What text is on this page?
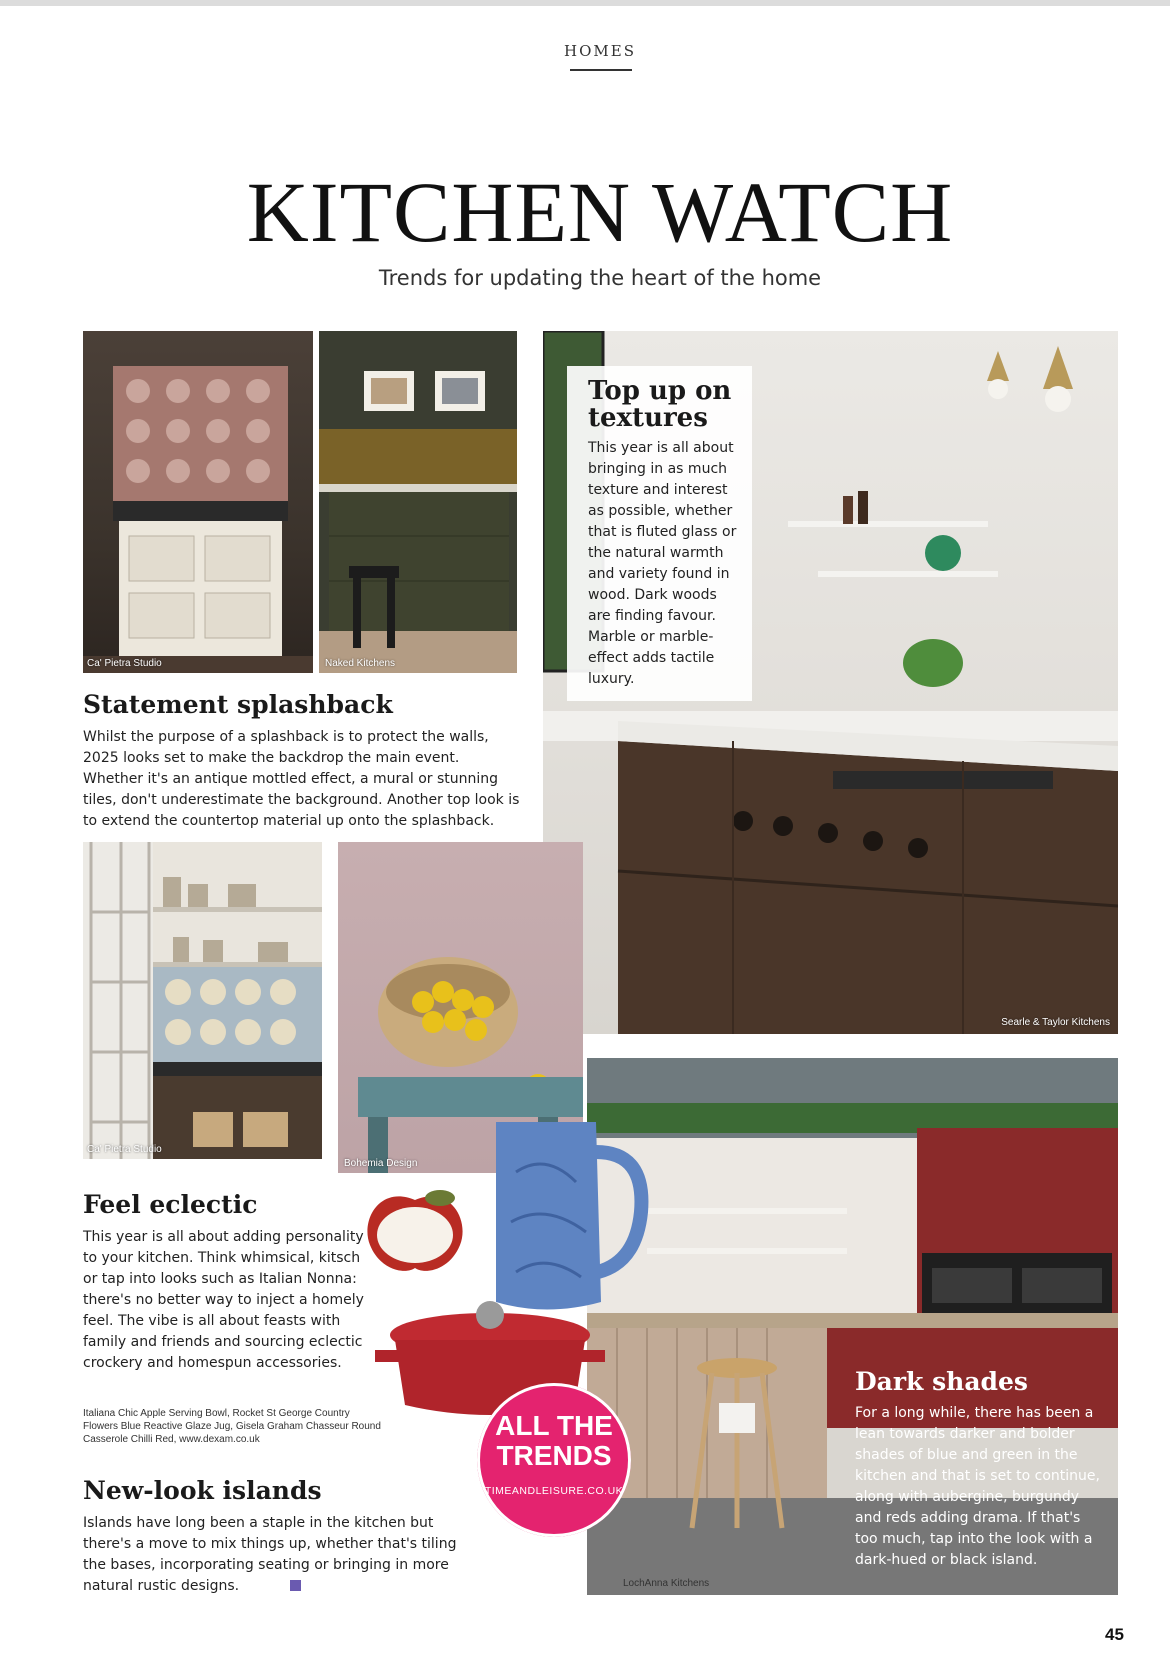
HOMES
KITCHEN WATCH
Trends for updating the heart of the home
Ca' Pietra Studio	Naked Kitchens
Searle & Taylor Kitchens
Top up on textures

This year is all about bringing in as much texture and interest as possible, whether that is fluted glass or the natural warmth and variety found in wood. Dark woods are finding favour. Marble or marble-effect adds tactile luxury.

Statement splashback

Whilst the purpose of a splashback is to protect the walls, 2025 looks set to make the backdrop the main event. Whether it's an antique mottled effect, a mural or stunning tiles, don't underestimate the background. Another top look is to extend the countertop material up onto the splashback.

Ca' Pietra Studio
Bohemia Design
LochAnna Kitchens
Dark shades

For a long while, there has been a lean towards darker and bolder shades of blue and green in the kitchen and that is set to continue, along with aubergine, burgundy and reds adding drama. If that's too much, tap into the look with a dark-hued or black island.

Feel eclectic

This year is all about adding personality to your kitchen. Think whimsical, kitsch or tap into looks such as Italian Nonna: there's no better way to inject a homely feel. The vibe is all about feasts with family and friends and sourcing eclectic crockery and homespun accessories.

Italiana Chic Apple Serving Bowl, Rocket St George Country Flowers Blue Reactive Glaze Jug, Gisela Graham Chasseur Round Casserole Chilli Red, www.dexam.co.uk
New-look islands

Islands have long been a staple in the kitchen but there's a move to mix things up, whether that's tiling the bases, incorporating seating or bringing in more natural rustic designs.

ALL THE
TRENDS
TIMEANDLEISURE.CO.UK
45
